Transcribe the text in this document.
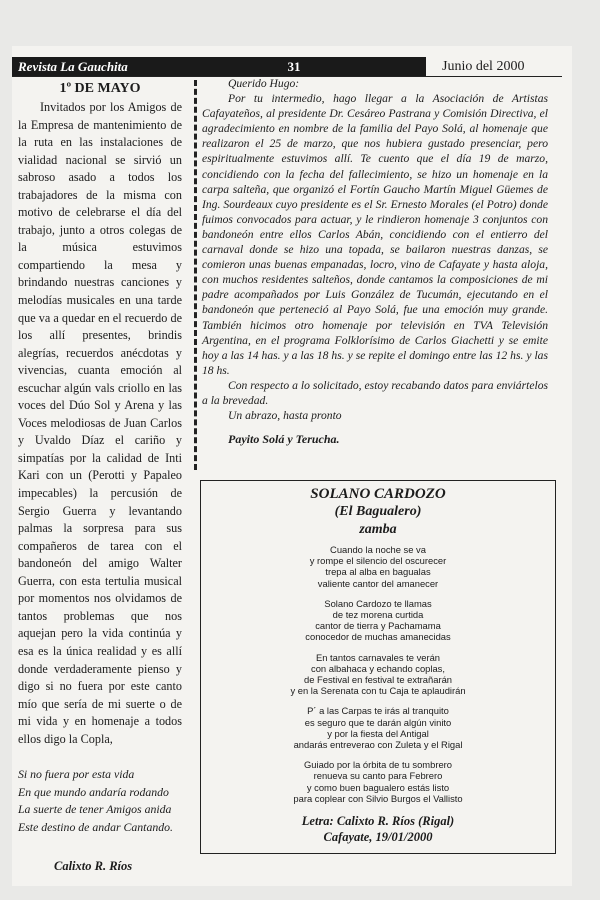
Revista La Gauchita	31	Junio del 2000
1º DE MAYO

Invitados por los Amigos de la Empresa de mantenimiento de la ruta en las instalaciones de vialidad nacional se sirvió un sabroso asado a todos los trabajadores de la misma con motivo de celebrarse el día del trabajo, junto a otros colegas de la música estuvimos compartiendo la mesa y brindando nuestras canciones y melodías musicales en una tarde que va a quedar en el recuerdo de los allí presentes, brindis alegrías, recuerdos anécdotas y vivencias, cuanta emoción al escuchar algún vals criollo en las voces del Dúo Sol y Arena y las Voces melodiosas de Juan Carlos y Uvaldo Díaz el cariño y simpatías por la calidad de Inti Kari con un (Perotti y Papaleo impecables) la percusión de Sergio Guerra y levantando palmas la sorpresa para sus compañeros de tarea con el bandoneón del amigo Walter Guerra, con esta tertulia musical por momentos nos olvidamos de tantos problemas que nos aquejan pero la vida continúa y esa es la única realidad y es allí donde verdaderamente pienso y digo si no fuera por este canto mío que sería de mi suerte o de mi vida y en homenaje a todos ellos digo la Copla,

Si no fuera por esta vida
En que mundo andaría rodando
La suerte de tener Amigos anida
Este destino de andar Cantando.
Calixto R. Ríos

Querido Hugo:

Por tu intermedio, hago llegar a la Asociación de Artistas Cafayateños, al presidente Dr. Cesáreo Pastrana y Comisión Directiva, el agradecimiento en nombre de la familia del Payo Solá, al homenaje que realizaron el 25 de marzo, que nos hubiera gustado presenciar, pero espiritualmente estuvimos allí. Te cuento que el día 19 de marzo, concidiendo con la fecha del fallecimiento, se hizo un homenaje en la carpa salteña, que organizó el Fortín Gaucho Martín Miguel Güemes de Ing. Sourdeaux cuyo presidente es el Sr. Ernesto Morales (el Potro) donde fuimos convocados para actuar, y le rindieron homenaje 3 conjuntos con bandoneón entre ellos Carlos Abán, concidiendo con el entierro del carnaval donde se hizo una topada, se bailaron nuestras danzas, se comieron unas buenas empanadas, locro, vino de Cafayate y hasta aloja, con muchos residentes salteños, donde cantamos la composiciones de mi padre acompañados por Luis González de Tucumán, ejecutando en el bandoneón que perteneció al Payo Solá, fue una emoción muy grande. También hicimos otro homenaje por televisión en TVA Televisión Argentina, en el programa Folklorísimo de Carlos Giachetti y se emite hoy a las 14 has. y a las 18 hs. y se repite el domingo entre las 12 hs. y las 18 hs.

Con respecto a lo solicitado, estoy recabando datos para enviártelos a la brevedad.

Un abrazo, hasta pronto

Payito Solá y Terucha.

SOLANO CARDOZO
(El Bagualero)
zamba
Cuando la noche se va
y rompe el silencio del oscurecer
trepa al alba en bagualas
valiente cantor del amanecer
Solano Cardozo te llamas
de tez morena curtida
cantor de tierra y Pachamama
conocedor de muchas amanecidas
En tantos carnavales te verán
con albahaca y echando coplas,
de Festival en festival te extrañarán
y en la Serenata con tu Caja te aplaudirán
P´ a las Carpas te irás al tranquito
es seguro que te darán algún vinito
y por la fiesta del Antigal
andarás entreverao con Zuleta y el Rigal
Guiado por la órbita de tu sombrero
renueva su canto para Febrero
y como buen bagualero estás listo
para coplear con Silvio Burgos el Vallisto
Letra: Calixto R. Ríos (Rigal)
Cafayate, 19/01/2000
